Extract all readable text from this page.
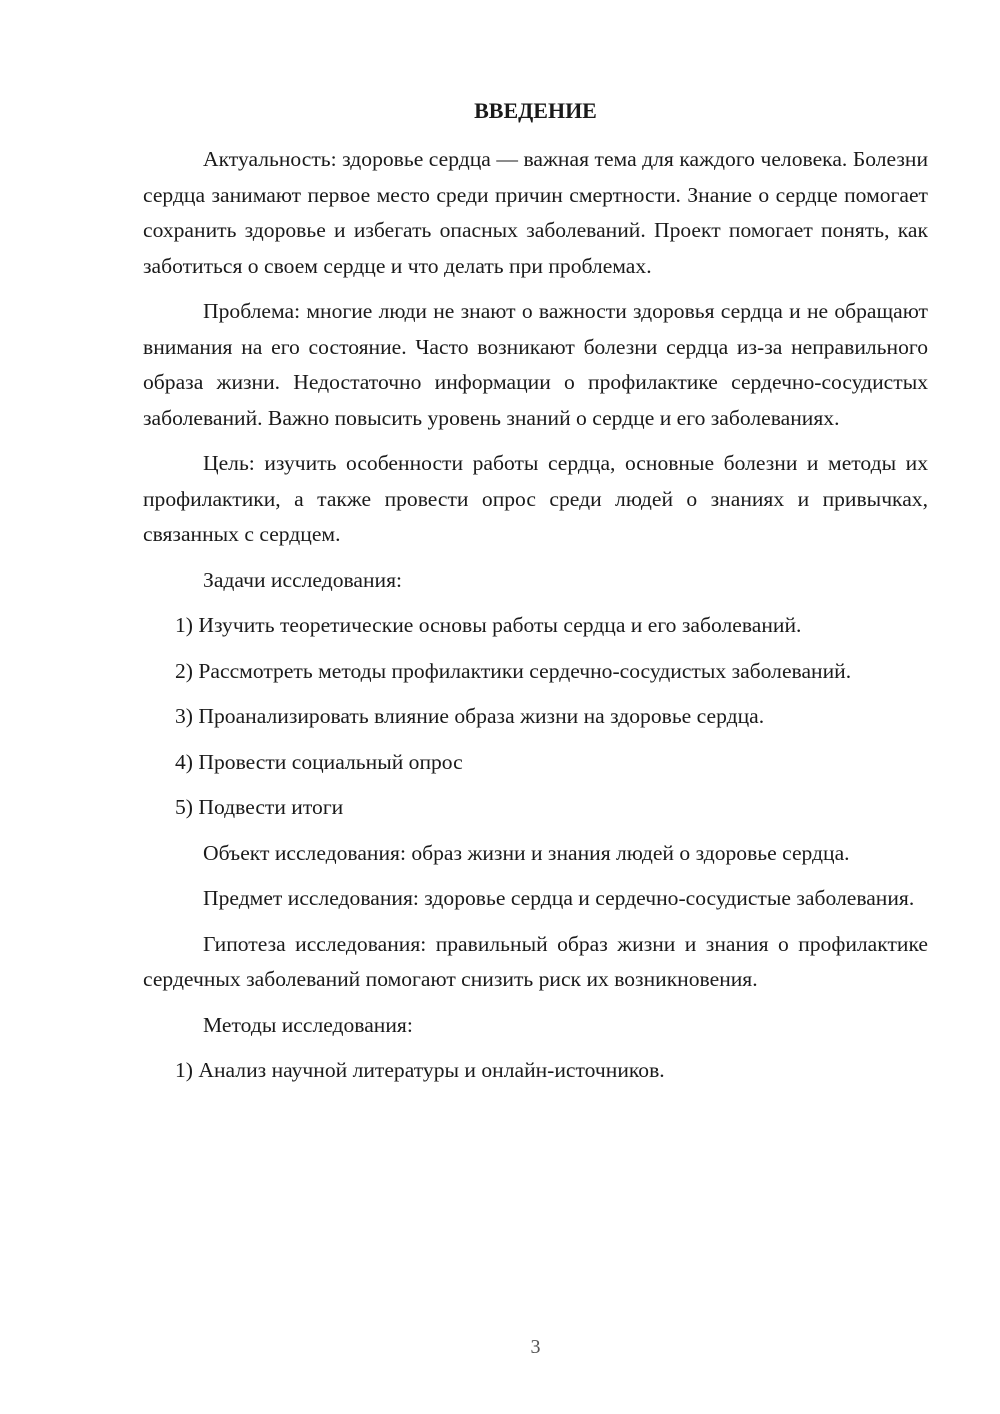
ВВЕДЕНИЕ

Актуальность: здоровье сердца — важная тема для каждого человека. Болезни сердца занимают первое место среди причин смертности. Знание о сердце помогает сохранить здоровье и избегать опасных заболеваний. Проект помогает понять, как заботиться о своем сердце и что делать при проблемах.

Проблема: многие люди не знают о важности здоровья сердца и не обращают внимания на его состояние. Часто возникают болезни сердца из-за неправильного образа жизни. Недостаточно информации о профилактике сердечно-сосудистых заболеваний. Важно повысить уровень знаний о сердце и его заболеваниях.

Цель: изучить особенности работы сердца, основные болезни и методы их профилактики, а также провести опрос среди людей о знаниях и привычках, связанных с сердцем.

Задачи исследования:

1) Изучить теоретические основы работы сердца и его заболеваний.

2) Рассмотреть методы профилактики сердечно-сосудистых заболеваний.

3) Проанализировать влияние образа жизни на здоровье сердца.

4) Провести социальный опрос

5) Подвести итоги

Объект исследования: образ жизни и знания людей о здоровье сердца.

Предмет исследования: здоровье сердца и сердечно-сосудистые заболевания.

Гипотеза исследования: правильный образ жизни и знания о профилактике сердечных заболеваний помогают снизить риск их возникновения.

Методы исследования:

1) Анализ научной литературы и онлайн-источников.

3
